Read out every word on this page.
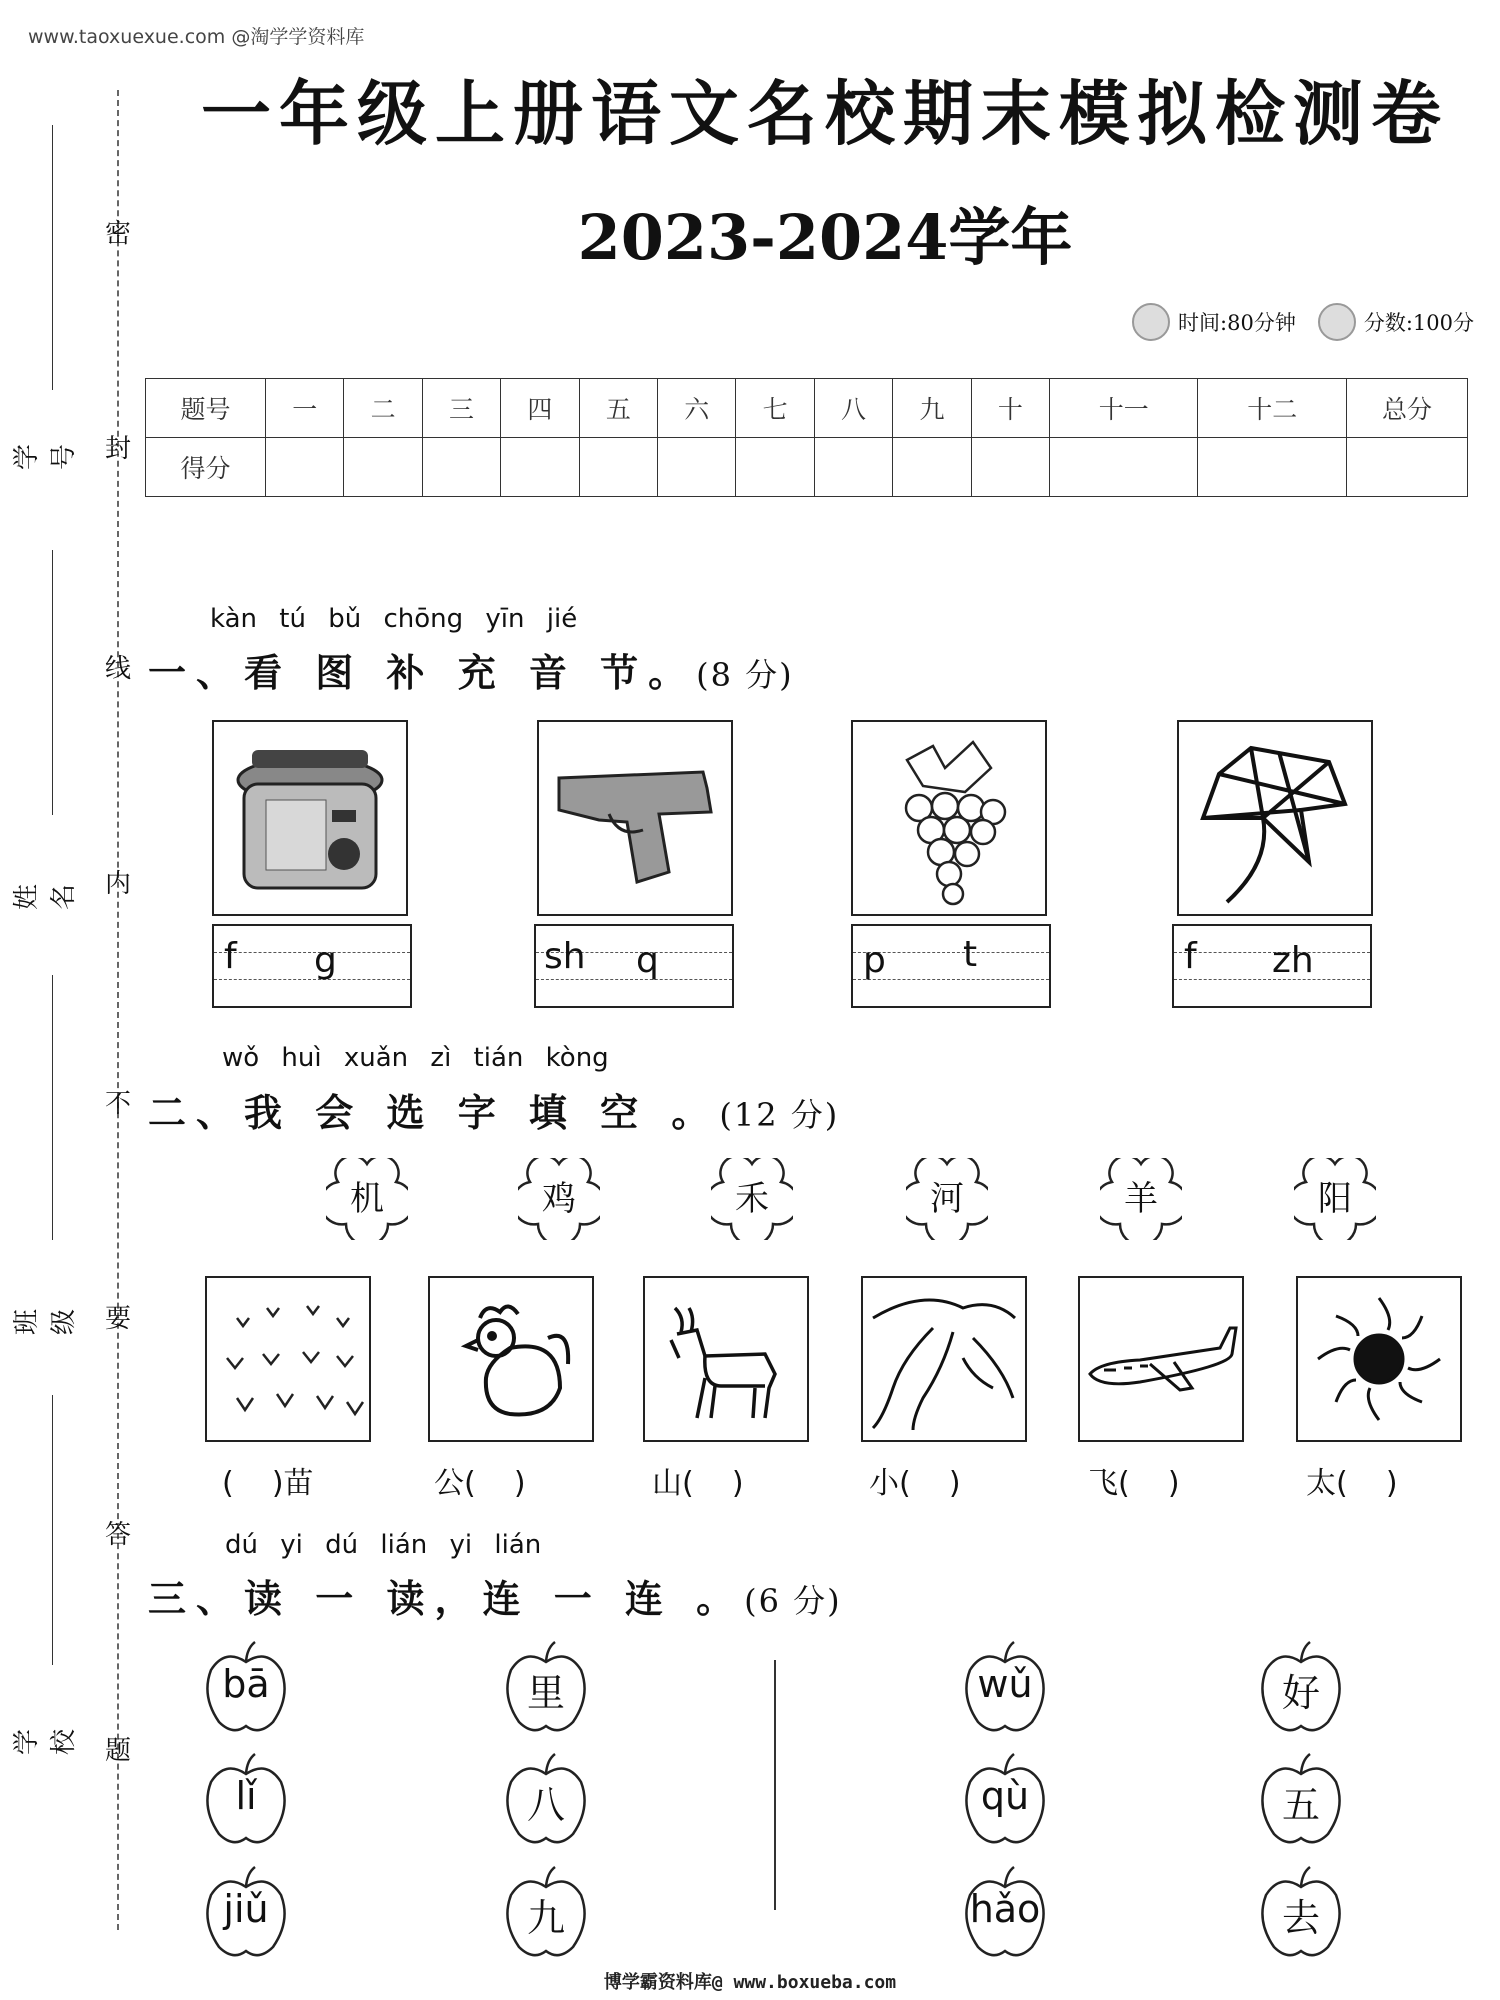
www.taoxuexue.com @淘学学资料库
博学霸资料库@ www.boxueba.com
密
封
线
内
不
要
答
题
学号
姓名
班级
学校
一年级上册语文名校期末模拟检测卷
2023-2024学年
时间:80分钟	分数:100分
题号	一	二	三	四	五	六	七	八	九	十	十一	十二	总分
得分													
kàn tú bǔ chōng yīn jié
一、看 图 补 充 音 节。(8 分)
f g	sh q	p t	f zh
wǒ huì xuǎn zì tián kòng
二、我 会 选 字 填 空 。(12 分)
机	鸡	禾	河	羊	阳
(    )苗	公(    )	山(    )	小(    )	飞(    )	太(    )
dú yi dú lián yi lián
三、读 一 读，连 一 连 。(6 分)
bā
lǐ
jiǔ
里
八
九
wǔ
qù
hǎo
好
五
去
